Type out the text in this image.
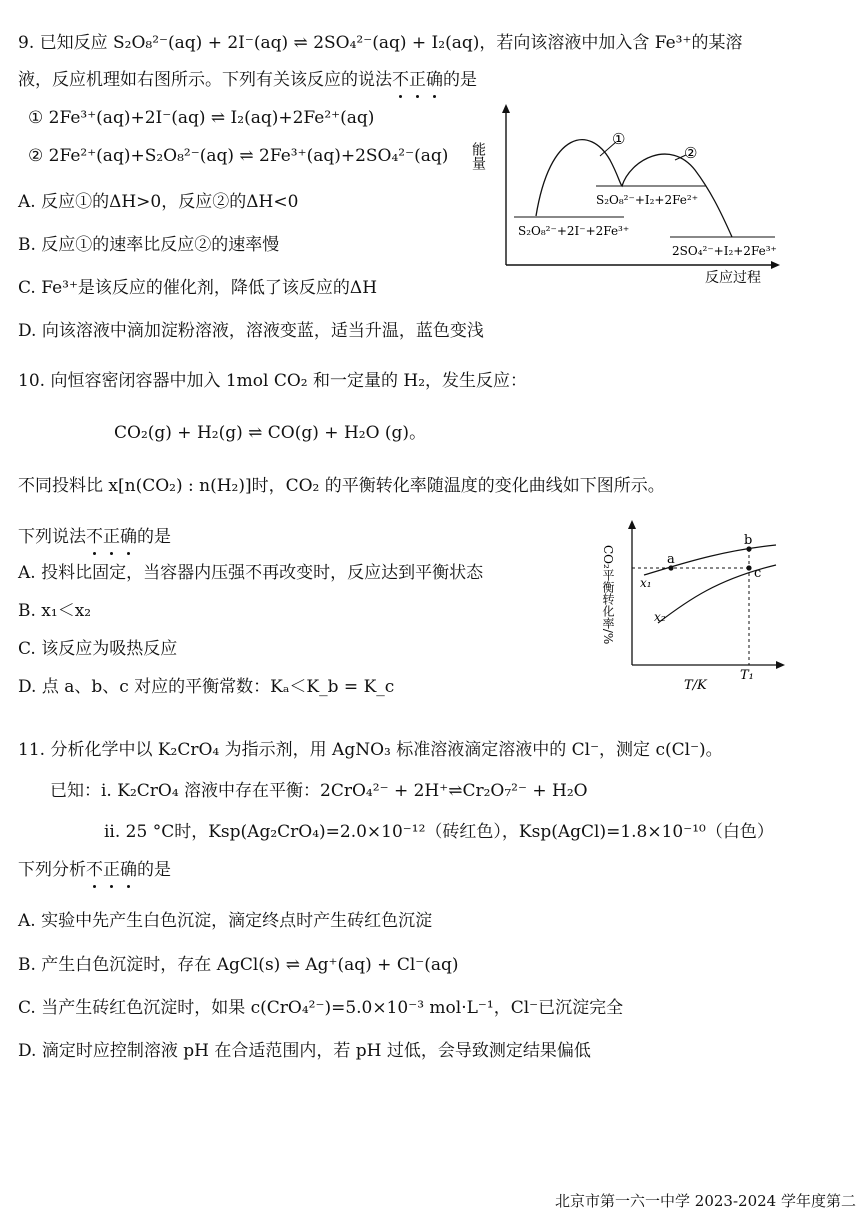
9. 已知反应 S₂O₈²⁻(aq) + 2I⁻(aq) ⇌ 2SO₄²⁻(aq) + I₂(aq)，若向该溶液中加入含 Fe³⁺的某溶
液，反应机理如右图所示。下列有关该反应的说法不正确的是
① 2Fe³⁺(aq)+2I⁻(aq) ⇌ I₂(aq)+2Fe²⁺(aq)
② 2Fe²⁺(aq)+S₂O₈²⁻(aq) ⇌ 2Fe³⁺(aq)+2SO₄²⁻(aq)
A. 反应①的ΔH>0，反应②的ΔH<0
B. 反应①的速率比反应②的速率慢
C. Fe³⁺是该反应的催化剂，降低了该反应的ΔH
D. 向该溶液中滴加淀粉溶液，溶液变蓝，适当升温，蓝色变浅
能量
反应过程
①
②
S₂O₈²⁻+I₂+2Fe²⁺
S₂O₈²⁻+2I⁻+2Fe³⁺
2SO₄²⁻+I₂+2Fe³⁺
10. 向恒容密闭容器中加入 1mol CO₂ 和一定量的 H₂，发生反应：
CO₂(g) + H₂(g) ⇌ CO(g) + H₂O (g)。
不同投料比 x[n(CO₂) : n(H₂)]时，CO₂ 的平衡转化率随温度的变化曲线如下图所示。
下列说法不正确的是
A. 投料比固定，当容器内压强不再改变时，反应达到平衡状态
B. x₁＜x₂
C. 该反应为吸热反应
D. 点 a、b、c 对应的平衡常数：Kₐ＜K_b = K_c
CO₂平衡转化率/%
T/K
T₁
a
b
c
x₁
x₂
11. 分析化学中以 K₂CrO₄ 为指示剂，用 AgNO₃ 标准溶液滴定溶液中的 Cl⁻，测定 c(Cl⁻)。
已知：i. K₂CrO₄ 溶液中存在平衡：2CrO₄²⁻ + 2H⁺⇌Cr₂O₇²⁻ + H₂O
ii. 25 °C时，Ksp(Ag₂CrO₄)=2.0×10⁻¹²（砖红色），Ksp(AgCl)=1.8×10⁻¹⁰（白色）
下列分析不正确的是
A. 实验中先产生白色沉淀，滴定终点时产生砖红色沉淀
B. 产生白色沉淀时，存在 AgCl(s) ⇌ Ag⁺(aq) + Cl⁻(aq)
C. 当产生砖红色沉淀时，如果 c(CrO₄²⁻)=5.0×10⁻³ mol·L⁻¹，Cl⁻已沉淀完全
D. 滴定时应控制溶液 pH 在合适范围内，若 pH 过低，会导致测定结果偏低
北京市第一六一中学 2023-2024 学年度第二
